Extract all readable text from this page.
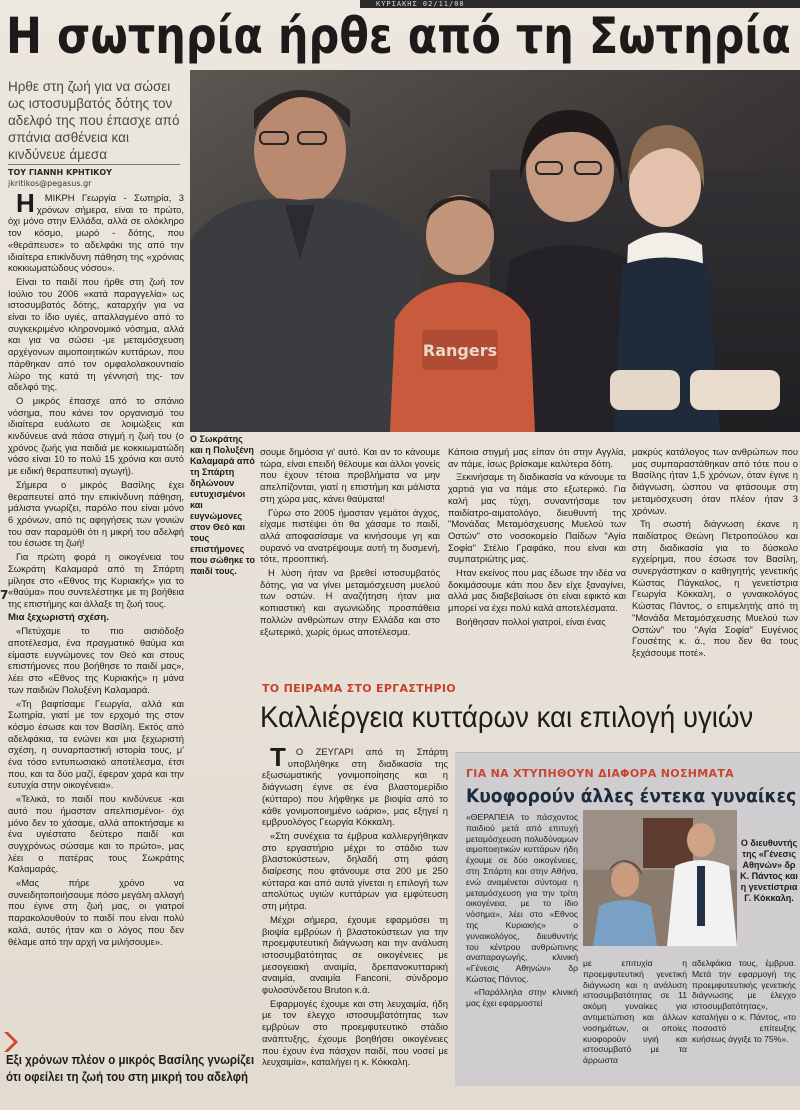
ΚΥΡΙΑΚΗΣ 02/11/08
Η σωτηρία ήρθε από τη Σωτηρία
Ηρθε στη ζωή για να σώσει ως ιστοσυμβατός δότης τον αδελφό της που έπασχε από σπάνια ασθένεια και κινδύνευε άμεσα
ΤΟΥ ΓΙΑΝΝΗ ΚΡΗΤΙΚΟΥ
jkritikos@pegasus.gr
7

ΗΜΙΚΡΗ Γεωργία - Σωτηρία, 3 χρόνων σήμερα, είναι το πρώτο, όχι μόνο στην Ελλάδα, αλλά σε ολόκληρο τον κόσμο, μωρό - δότης, που «θεράπευσε» το αδελφάκι της από την ιδιαίτερα επικίνδυνη πάθηση της «χρόνιας κοκκιωματώδους νόσου».

Είναι το παιδί που ήρθε στη ζωή τον Ιούλιο του 2006 «κατά παραγγελία» ως ιστοσυμβατός δότης, καταρχήν για να είναι το ίδιο υγιές, απαλλαγμένο από το συγκεκριμένο κληρονομικό νόσημα, αλλά και για να σώσει -με μεταμόσχευση αρχέγονων αιμοποιητικών κυττάρων, που πάρθηκαν από τον ομφαλολακουντιαίο λώρο της κατά τη γέννησή της- τον αδελφό της.

Ο μικρός έπασχε από το σπάνιο νόσημα, που κάνει τον οργανισμό του ιδιαίτερα ευάλωτο σε λοιμώξεις και κινδύνευε ανά πάσα στιγμή η ζωή του (ο χρόνος ζωής για παιδιά με κοκκιωματώδη νόσο είναι 10 το πολύ 15 χρόνια και αυτό με ειδική θεραπευτική αγωγή).

Σήμερα ο μικρός Βασίλης έχει θεραπευτεί από την επικίνδυνη πάθηση, μάλιστα γνωρίζει, παρόλο που είναι μόνο 6 χρόνων, από τις αφηγήσεις των γονιών του σαν παραμύθι ότι η μικρή του αδελφή του έσωσε τη ζωή!

Για πρώτη φορά η οικογένεια του Σωκράτη Καλαμαρά από τη Σπάρτη μίλησε στο «Εθνος της Κυριακής» για το «θαύμα» που συντελέστηκε με τη βοήθεια της επιστήμης και άλλαξε τη ζωή τους.

Μια ξεχωριστή σχέση.

«Πετύχαμε το πιο αισιόδοξο αποτέλεσμα, ένα πραγματικό θαύμα και είμαστε ευγνώμονες τον Θεό και στους επιστήμονες που βοήθησε το παιδί μας», λέει στο «Εθνος της Κυριακής» η μάνα των παιδιών Πολυξένη Καλαμαρά.

«Τη βαφτίσαμε Γεωργία, αλλά και Σωτηρία, γιατί με τον ερχομό της στον κόσμο έσωσε και τον Βασίλη. Εκτός από αδελφάκια, τα ενώνει και μια ξεχωριστή σχέση, η συναρπαστική ιστορία τους, μ' ένα τόσο εντυπωσιακό αποτέλεσμα, έτσι που, και τα δύο μαζί, έφεραν χαρά και την ευτυχία στην οικογένεια».

«Τελικά, το παιδί που κινδύνευε -και αυτό που ήμασταν απελπισμένοι- όχι μόνο δεν το χάσαμε, αλλά αποκτήσαμε κι ένα υγιέστατο δεύτερο παιδί και συγχρόνως σώσαμε και το πρώτο», μας λέει ο πατέρας τους Σωκράτης Καλαμαράς.

«Μας πήρε χρόνο να συνειδητοποιήσουμε πόσο μεγάλη αλλαγή που έγινε στη ζωή μας, οι γιατροί παρακολουθούν το παιδί που είναι πολύ καλά, αυτός ήταν και ο λόγος που δεν θέλαμε από την αρχή να μιλήσουμε».

Rangers
Ο Σωκράτης και η Πολυξένη Καλαμαρά από τη Σπάρτη δηλώνουν ευτυχισμένοι και ευγνώμονες στον Θεό και τους επιστήμονες που σώθηκε το παιδί τους.

σουμε δημόσια γι' αυτό. Και αν το κάνουμε τώρα, είναι επειδή θέλουμε και άλλοι γονείς που έχουν τέτοια προβλήματα να μην απελπίζονται, γιατί η επιστήμη και μάλιστα στη χώρα μας, κάνει θαύματα!

Γύρω στο 2005 ήμασταν γεμάτοι άγχος, είχαμε πιστέψει ότι θα χάσαμε το παιδί, αλλά αποφασίσαμε να κινήσουμε γη και ουρανό να ανατρέψουμε αυτή τη δυσμενή, τότε, προοπτική.

Η λύση ήταν να βρεθεί ιστοσυμβατός δότης, για να γίνει μεταμόσχευση μυελού των οστών. Η αναζήτηση ήταν μια κοπιαστική και αγωνιώδης προσπάθεια πολλών ανθρώπων στην Ελλάδα και στο εξωτερικό, χωρίς όμως αποτέλεσμα.

Κάποια στιγμή μας είπαν ότι στην Αγγλία, αν πάμε, ίσως βρίσκαμε καλύτερα δότη.

Ξεκινήσαμε τη διαδικασία να κάνουμε τα χαρτιά για να πάμε στο εξωτερικό. Για καλή μας τύχη, συναντήσαμε τον παιδίατρο-αιματολόγο, διευθυντή της "Μονάδας Μεταμόσχευσης Μυελού των Οστών" στο νοσοκομείο Παίδων "Αγία Σοφία" Στέλιο Γραφάκο, που είναι και συμπατριώτης μας.

Ηταν εκείνος που μας έδωσε την ιδέα να δοκιμάσουμε κάτι που δεν είχε ξαναγίνει, αλλά μας διαβεβαίωσε ότι είναι εφικτό και μπορεί να έχει πολύ καλά αποτελέσματα.

Βοήθησαν πολλοί γιατροί, είναι ένας

μακρύς κατάλογος των ανθρώπων που μας συμπαραστάθηκαν από τότε που ο Βασίλης ήταν 1,5 χρόνων, όταν έγινε η διάγνωση, ώσπου να φτάσουμε στη μεταμόσχευση όταν πλέον ήταν 3 χρόνων.

Τη σωστή διάγνωση έκανε η παιδίατρος Θεώνη Πετροπούλου και στη διαδικασία για το δύσκολο εγχείρημα, που έσωσε τον Βασίλη, συνεργάστηκαν ο καθηγητής γενετικής Κώστας Πάγκαλος, η γενετίστρια Γεωργία Κόκκαλη, ο γυναικολόγος Κώστας Πάντος, ο επιμελητής από τη "Μονάδα Μεταμόσχευσης Μυελού των Οστών" του "Αγία Σοφία" Ευγένιος Γουσέτης κ. ά., που δεν θα τους ξεχάσουμε ποτέ».

ΤΟ ΠΕΙΡΑΜΑ ΣΤΟ ΕΡΓΑΣΤΗΡΙΟ
Καλλιέργεια κυττάρων και επιλογή υγιών

ΤΟ ΖΕΥΓΑΡΙ από τη Σπάρτη υποβλήθηκε στη διαδικασία της εξωσωματικής γονιμοποίησης και η διάγνωση έγινε σε ένα βλαστομερίδιο (κύτταρο) που λήφθηκε με βιοψία από το κάθε γονιμοποιημένο ωάριο», μας εξηγεί η εμβρυολόγος Γεωργία Κόκκαλη.

«Στη συνέχεια τα έμβρυα καλλιεργήθηκαν στο εργαστήριο μέχρι το στάδιο των βλαστοκύστεων, δηλαδή στη φάση διαίρεσης που φτάνουμε στα 200 με 250 κύτταρα και από αυτά γίνεται η επιλογή των απολύτως υγιών κυττάρων για εμφύτευση στη μήτρα.

Μέχρι σήμερα, έχουμε εφαρμόσει τη βιοψία εμβρύων ή βλαστοκύστεων για την προεμφυτευτική διάγνωση και την ανάλυση ιστοσυμβατότητας σε οικογένειες με μεσογειακή αναιμία, δρεπανοκυτταρική αναιμία, αναιμία Fanconi, σύνδρομο φυλοσύνδετου Bruton κ.ά.

Εφαρμογές έχουμε και στη λευχαιμία, ήδη με τον έλεγχο ιστοσυμβατότητας των εμβρύων στο προεμφυτευτικό στάδιο ανάπτυξης, έχουμε βοηθήσει οικογένειες που έχουν ένα πάσχον παιδί, που νοσεί με λευχαιμία», καταλήγει η κ. Κόκκαλη.

ΓΙΑ ΝΑ ΧΤΥΠΗΘΟΥΝ ΔΙΑΦΟΡΑ ΝΟΣΗΜΑΤΑ
Κυοφορούν άλλες έντεκα γυναίκες

«ΘΕΡΑΠΕΙΑ το πάσχοντος παιδιού μετά από επιτυχή μεταμόσχευση πολυδύναμων αιμοποιητικών κυττάρων ήδη έχουμε σε δύο οικογένειες, στη Σπάρτη και στην Αθήνα, ενώ αναμένεται σύντομα η μεταμόσχευση για την τρίτη οικογένεια, με το ίδιο νόσημα», λέει στο «Εθνος της Κυριακής» ο γυναικολόγος, διευθυντής του κέντρου ανθρώπινης αναπαραγωγής, κλινική «Γένεσις Αθηνών» δρ Κώστας Πάντος.

«Παράλληλα στην κλινική μας έχει εφαρμοστεί

Ο διευθυντής της «Γένεσις Αθηνών» δρ Κ. Πάντος και η γενετίστρια Γ. Κόκκαλη.

με επιτυχία η προεμφυτευτική γενετική διάγνωση και η ανάλυση ιστοσυμβατότητας σε 11 ακόμη γυναίκες για αντιμετώπιση και άλλων νοσημάτων, οι οποίες κυοφορούν υγιή και ιστοσυμβατό με τα άρρωστα

αδελφάκια τους, έμβρυα. Μετά την εφαρμογή της προεμφυτευτικής γενετικής διάγνωσης με έλεγχο ιστοσυμβατότητας», καταλήγει ο κ. Πάντος, «το ποσοστό επίτευξης κυήσεως άγγιξε το 75%».

Εξι χρόνων πλέον ο μικρός Βασίλης γνωρίζει
ότι οφείλει τη ζωή του στη μικρή του αδελφή
